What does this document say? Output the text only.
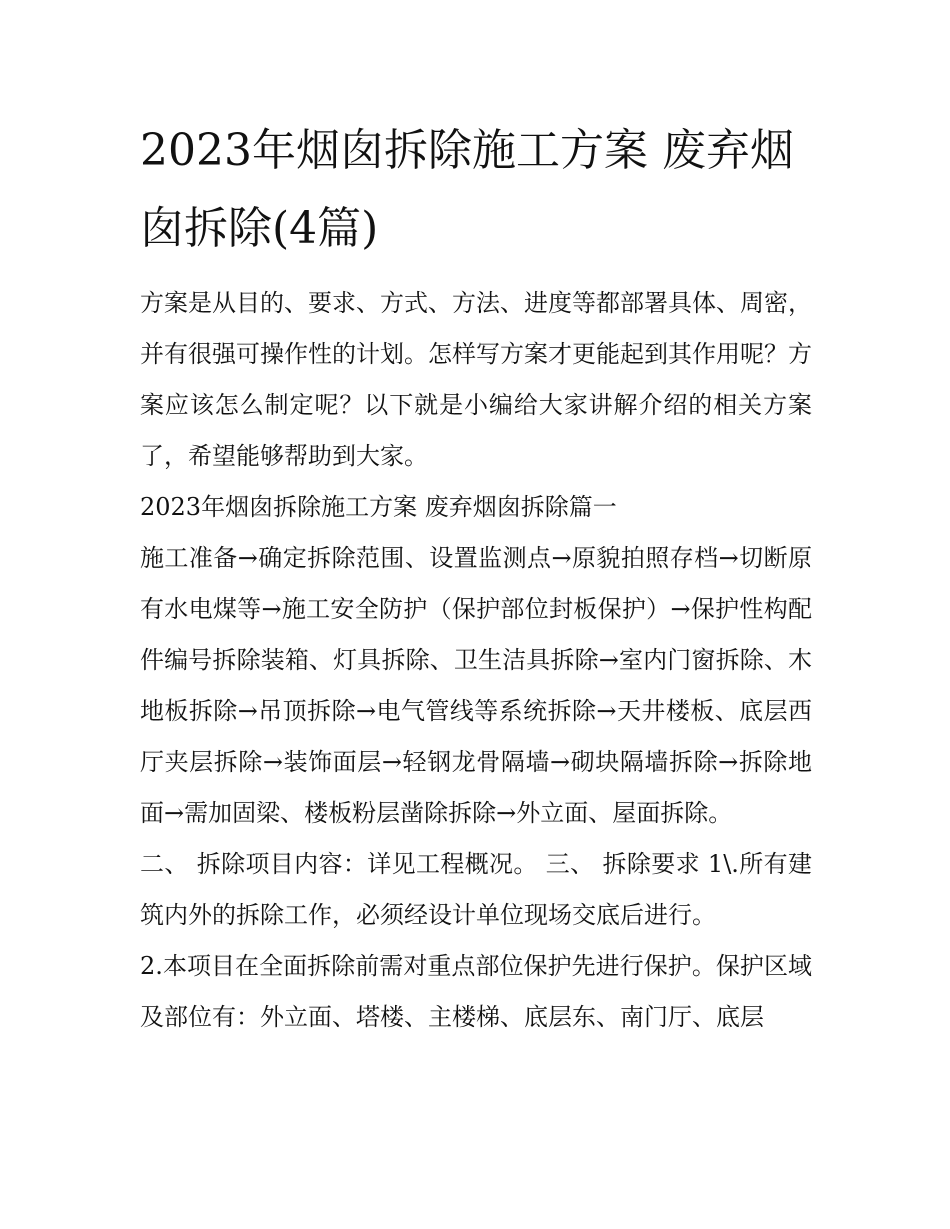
2023年烟囱拆除施工方案 废弃烟囱拆除(4篇)

方案是从目的、要求、方式、方法、进度等都部署具体、周密，并有很强可操作性的计划。怎样写方案才更能起到其作用呢？方案应该怎么制定呢？以下就是小编给大家讲解介绍的相关方案了，希望能够帮助到大家。

2023年烟囱拆除施工方案 废弃烟囱拆除篇一

施工准备→确定拆除范围、设置监测点→原貌拍照存档→切断原有水电煤等→施工安全防护（保护部位封板保护）→保护性构配件编号拆除装箱、灯具拆除、卫生洁具拆除→室内门窗拆除、木地板拆除→吊顶拆除→电气管线等系统拆除→天井楼板、底层西厅夹层拆除→装饰面层→轻钢龙骨隔墙→砌块隔墙拆除→拆除地面→需加固梁、楼板粉层凿除拆除→外立面、屋面拆除。

二、 拆除项目内容：详见工程概况。 三、 拆除要求 1\.所有建筑内外的拆除工作，必须经设计单位现场交底后进行。

2.本项目在全面拆除前需对重点部位保护先进行保护。保护区域及部位有：外立面、塔楼、主楼梯、底层东、南门厅、底层
